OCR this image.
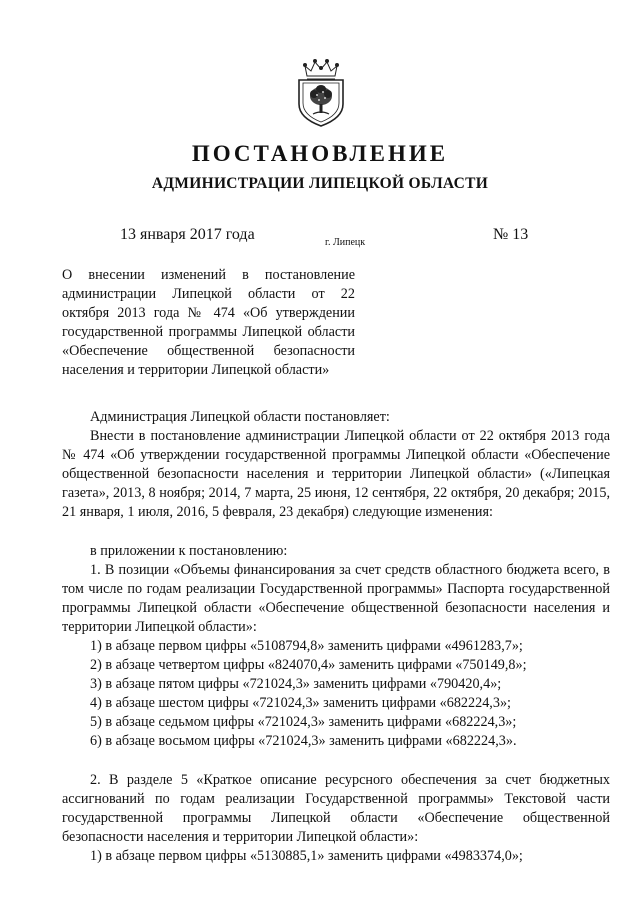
ПОСТАНОВЛЕНИЕ
АДМИНИСТРАЦИИ ЛИПЕЦКОЙ ОБЛАСТИ
13 января 2017 года	г. Липецк	№ 13
О внесении изменений в постановление администрации Липецкой области от 22 октября 2013 года № 474 «Об утверждении государственной программы Липецкой области «Обеспечение общественной безопасности населения и территории Липецкой области»

Администрация Липецкой области постановляет:

Внести в постановление администрации Липецкой области от 22 октября 2013 года № 474 «Об утверждении государственной программы Липецкой области «Обеспечение общественной безопасности населения и территории Липецкой области» («Липецкая газета», 2013, 8 ноября; 2014, 7 марта, 25 июня, 12 сентября, 22 октября, 20 декабря; 2015, 21 января, 1 июля, 2016, 5 февраля, 23 декабря) следующие изменения:

в приложении к постановлению:

1. В позиции «Объемы финансирования за счет средств областного бюджета всего, в том числе по годам реализации Государственной программы» Паспорта государственной программы Липецкой области «Обеспечение общественной безопасности населения и территории Липецкой области»:

1) в абзаце первом цифры «5108794,8» заменить цифрами «4961283,7»;

2) в абзаце четвертом цифры «824070,4» заменить цифрами «750149,8»;

3) в абзаце пятом цифры «721024,3» заменить цифрами «790420,4»;

4) в абзаце шестом цифры «721024,3» заменить цифрами «682224,3»;

5) в абзаце седьмом цифры «721024,3» заменить цифрами «682224,3»;

6) в абзаце восьмом цифры «721024,3» заменить цифрами «682224,3».

2. В разделе 5 «Краткое описание ресурсного обеспечения за счет бюджетных ассигнований по годам реализации Государственной программы» Текстовой части государственной программы Липецкой области «Обеспечение общественной безопасности населения и территории Липецкой области»:

1) в абзаце первом цифры «5130885,1» заменить цифрами «4983374,0»;
